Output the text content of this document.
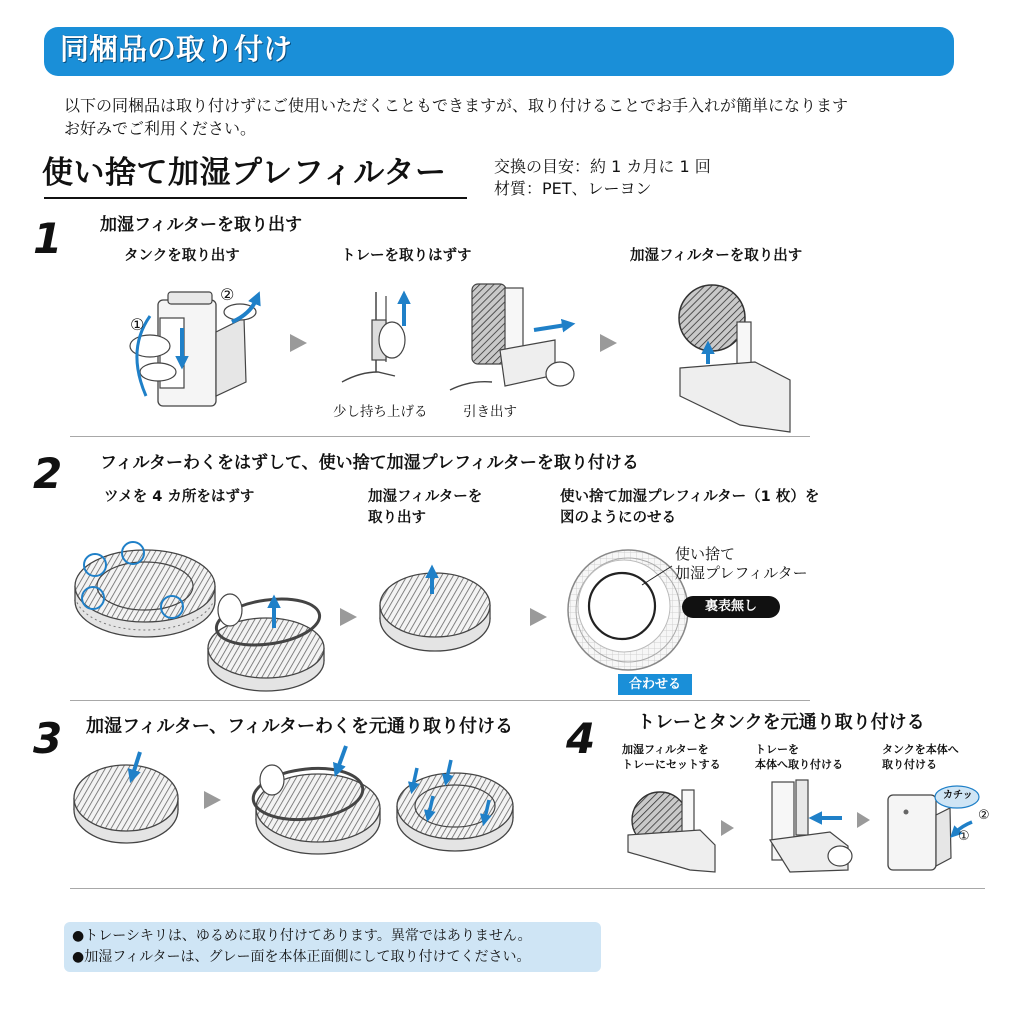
同梱品の取り付け

以下の同梱品は取り付けずにご使用いただくこともできますが、取り付けることでお手入れが簡単になります

お好みでご利用ください。

使い捨て加湿プレフィルター	交換の目安：約 1 カ月に 1 回
材質：PET、レーヨン
1 加湿フィルターを取り出す
タンクを取り出す	トレーを取りはずす	加湿フィルターを取り出す
①
②
少し持ち上げる	引き出す
2 フィルターわくをはずして、使い捨て加湿プレフィルターを取り付ける
ツメを 4 カ所をはずす	加湿フィルターを
取り出す
使い捨て加湿プレフィルター（1 枚）を
図のようにのせる
使い捨て
加湿プレフィルター
裏表無し
合わせる
3 加湿フィルター、フィルターわくを元通り取り付ける 4 トレーとタンクを元通り取り付ける
加湿フィルターを
トレーにセットする
トレーを
本体へ取り付ける
タンクを本体へ
取り付ける
カチッ
②
①
●トレーシキリは、ゆるめに取り付けてあります。異常ではありません。
●加湿フィルターは、グレー面を本体正面側にして取り付けてください。
